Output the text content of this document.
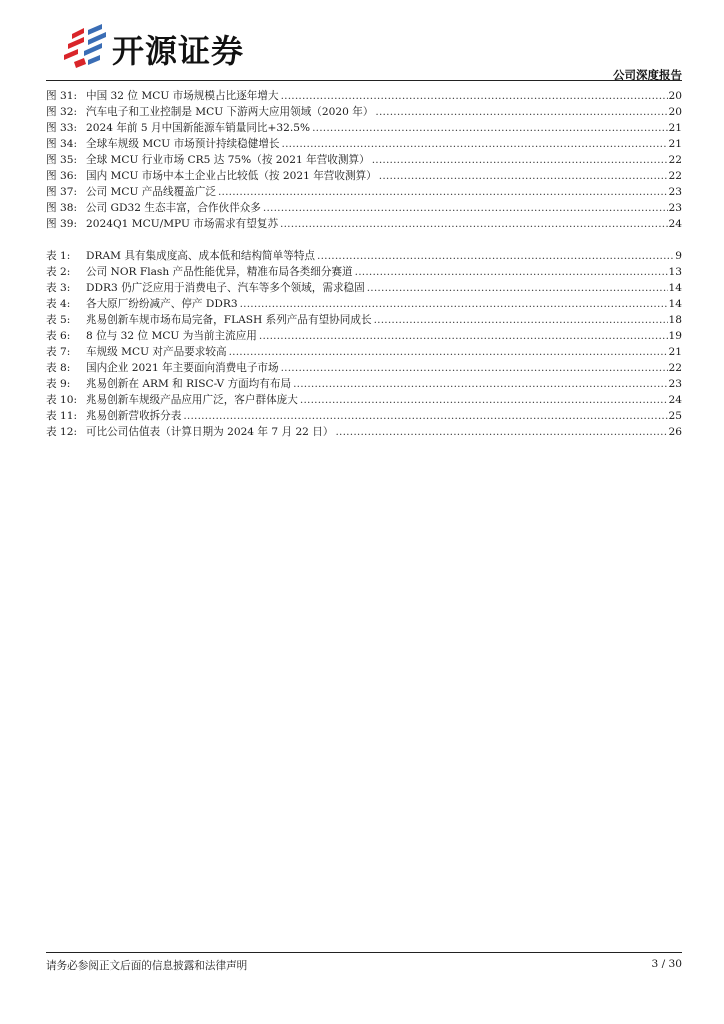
开源证券
公司深度报告
图 31: 中国 32 位 MCU 市场规模占比逐年增大 .....	20
图 32: 汽车电子和工业控制是 MCU 下游两大应用领域（2020 年） .....	20
图 33: 2024 年前 5 月中国新能源车销量同比+32.5% .....	21
图 34: 全球车规级 MCU 市场预计持续稳健增长 .....	21
图 35: 全球 MCU 行业市场 CR5 达 75%（按 2021 年营收测算） .....	22
图 36: 国内 MCU 市场中本土企业占比较低（按 2021 年营收测算） .....	22
图 37: 公司 MCU 产品线覆盖广泛 .....	23
图 38: 公司 GD32 生态丰富，合作伙伴众多 .....	23
图 39: 2024Q1 MCU/MPU 市场需求有望复苏 .....	24
表 1:	DRAM 具有集成度高、成本低和结构简单等特点 .....	9
表 2:	公司 NOR Flash 产品性能优异，精准布局各类细分赛道 .....	13
表 3:	DDR3 仍广泛应用于消费电子、汽车等多个领域，需求稳固 .....	14
表 4:	各大原厂纷纷减产、停产 DDR3 .....	14
表 5:	兆易创新车规市场布局完备，FLASH 系列产品有望协同成长 .....	18
表 6:	8 位与 32 位 MCU 为当前主流应用 .....	19
表 7:	车规级 MCU 对产品要求较高 .....	21
表 8:	国内企业 2021 年主要面向消费电子市场 .....	22
表 9:	兆易创新在 ARM 和 RISC-V 方面均有布局 .....	23
表 10: 兆易创新车规级产品应用广泛，客户群体庞大 .....	24
表 11: 兆易创新营收拆分表 .....	25
表 12: 可比公司估值表（计算日期为 2024 年 7 月 22 日） .....	26
请务必参阅正文后面的信息披露和法律声明	3 / 30
